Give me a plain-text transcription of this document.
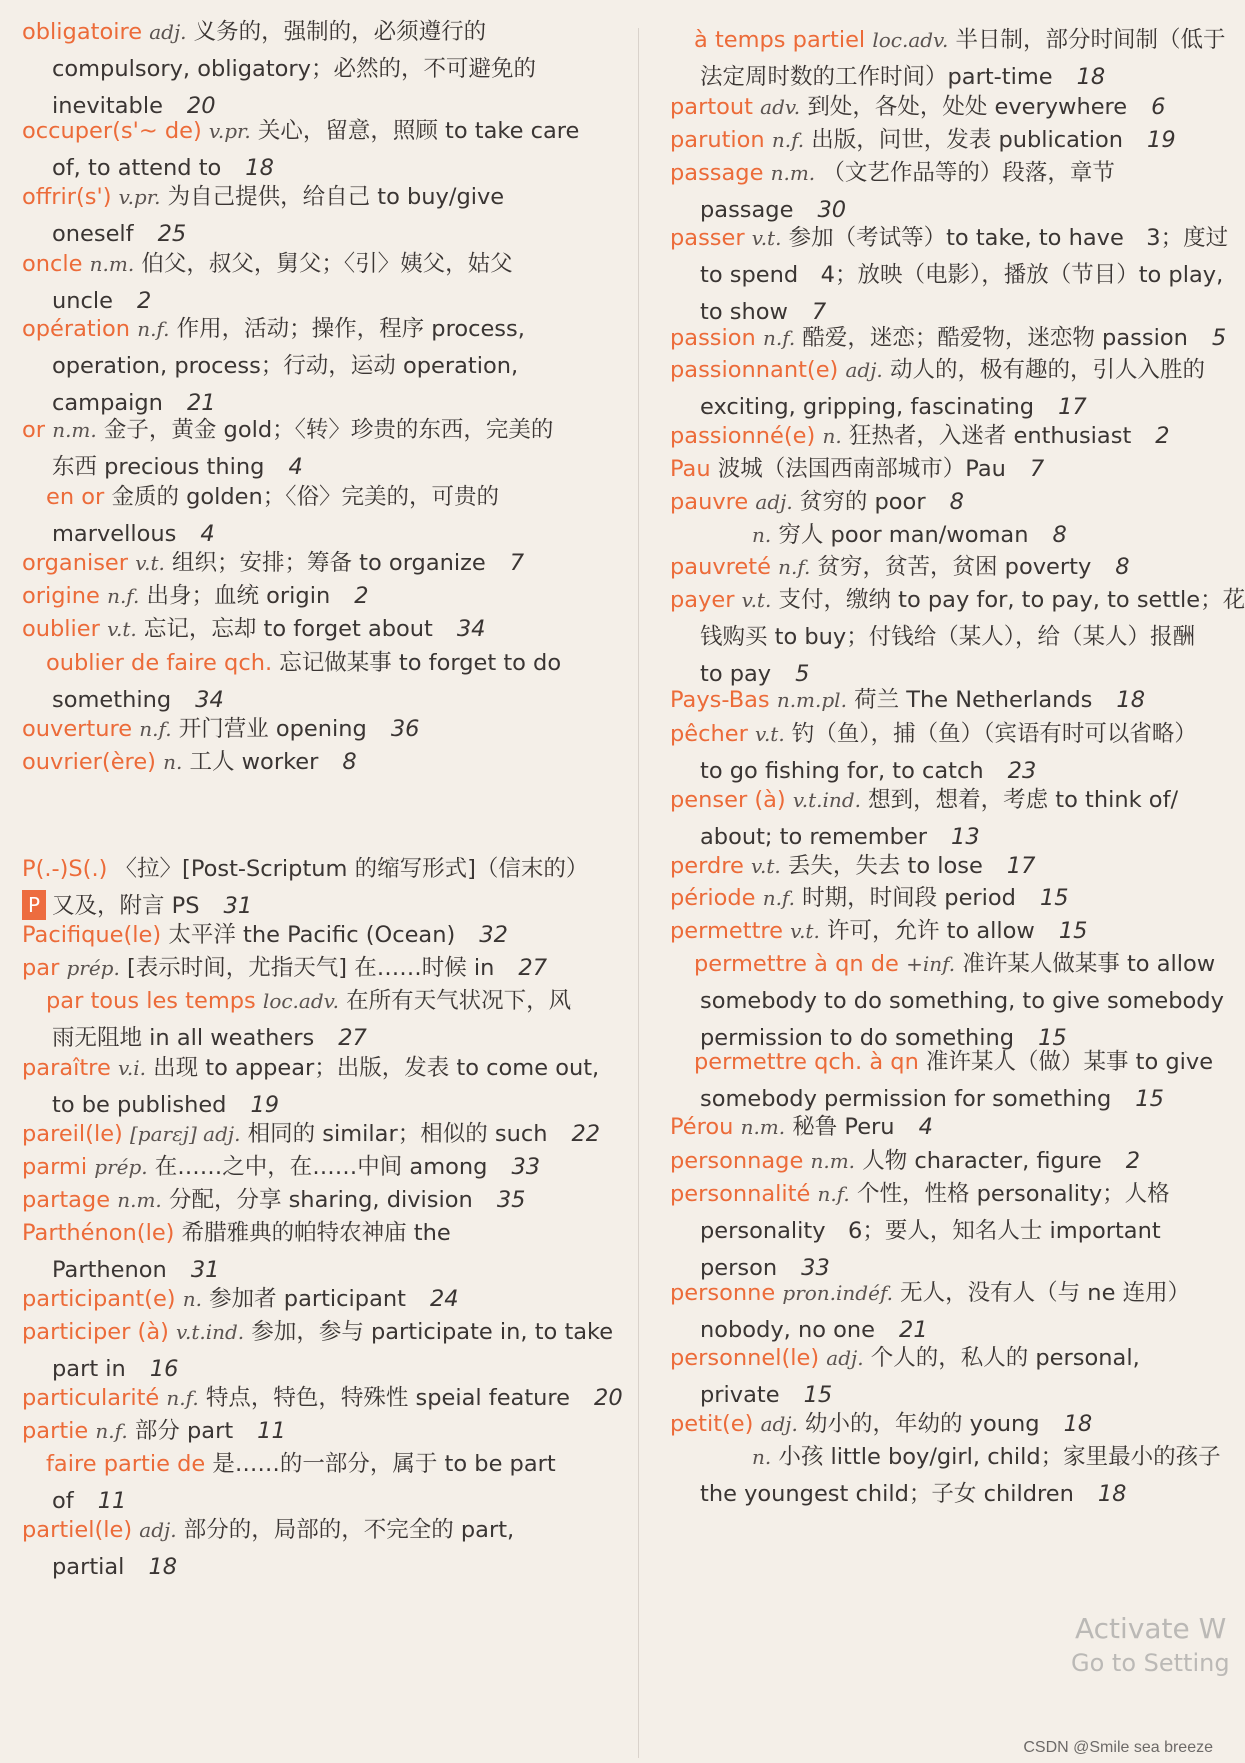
obligatoire adj. 义务的，强制的，必须遵行的
compulsory, obligatory；必然的，不可避免的
inevitable 20
occuper(s'~ de) v.pr. 关心，留意，照顾 to take care
of, to attend to 18
offrir(s') v.pr. 为自己提供，给自己 to buy/give
oneself 25
oncle n.m. 伯父，叔父，舅父；〈引〉姨父，姑父
uncle 2
opération n.f. 作用，活动；操作，程序 process,
operation, process；行动，运动 operation,
campaign 21
or n.m. 金子，黄金 gold；〈转〉珍贵的东西，完美的
东西 precious thing 4
en or 金质的 golden；〈俗〉完美的，可贵的
marvellous 4
organiser v.t. 组织；安排；筹备 to organize 7
origine n.f. 出身；血统 origin 2
oublier v.t. 忘记，忘却 to forget about 34
oublier de faire qch. 忘记做某事 to forget to do
something 34
ouverture n.f. 开门营业 opening 36
ouvrier(ère) n. 工人 worker 8
P(.-)S(.) 〈拉〉[Post-Scriptum 的缩写形式]（信末的）
又及，附言 PS 31
Pacifique(le) 太平洋 the Pacific (Ocean) 32
par prép. [表示时间，尤指天气] 在……时候 in 27
par tous les temps loc.adv. 在所有天气状况下，风
雨无阻地 in all weathers 27
paraître v.i. 出现 to appear；出版，发表 to come out,
to be published 19
pareil(le) [parɛj] adj. 相同的 similar；相似的 such 22
parmi prép. 在……之中，在……中间 among 33
partage n.m. 分配，分享 sharing, division 35
Parthénon(le) 希腊雅典的帕特农神庙 the
Parthenon 31
participant(e) n. 参加者 participant 24
participer (à) v.t.ind. 参加，参与 participate in, to take
part in 16
particularité n.f. 特点，特色，特殊性 speial feature 20
partie n.f. 部分 part 11
faire partie de 是……的一部分，属于 to be part
of 11
partiel(le) adj. 部分的，局部的，不完全的 part,
partial 18
P
à temps partiel loc.adv. 半日制，部分时间制（低于
法定周时数的工作时间）part-time 18
partout adv. 到处，各处，处处 everywhere 6
parution n.f. 出版，问世，发表 publication 19
passage n.m. （文艺作品等的）段落，章节
passage 30
passer v.t. 参加（考试等）to take, to have　3；度过
to spend　4；放映（电影），播放（节目）to play,
to show 7
passion n.f. 酷爱，迷恋；酷爱物，迷恋物 passion 5
passionnant(e) adj. 动人的，极有趣的，引人入胜的
exciting, gripping, fascinating 17
passionné(e) n. 狂热者，入迷者 enthusiast 2
Pau 波城（法国西南部城市）Pau 7
pauvre adj. 贫穷的 poor 8
n. 穷人 poor man/woman 8
pauvreté n.f. 贫穷，贫苦，贫困 poverty 8
payer v.t. 支付，缴纳 to pay for, to pay, to settle；花
钱购买 to buy；付钱给（某人），给（某人）报酬
to pay 5
Pays-Bas n.m.pl. 荷兰 The Netherlands 18
pêcher v.t. 钓（鱼），捕（鱼）（宾语有时可以省略）
to go fishing for, to catch 23
penser (à) v.t.ind. 想到，想着，考虑 to think of/
about; to remember 13
perdre v.t. 丢失，失去 to lose 17
période n.f. 时期，时间段 period 15
permettre v.t. 许可，允许 to allow 15
permettre à qn de +inf. 准许某人做某事 to allow
somebody to do something, to give somebody
permission to do something 15
permettre qch. à qn 准许某人（做）某事 to give
somebody permission for something 15
Pérou n.m. 秘鲁 Peru 4
personnage n.m. 人物 character, figure 2
personnalité n.f. 个性，性格 personality；人格
personality　6；要人，知名人士 important
person 33
personne pron.indéf. 无人，没有人（与 ne 连用）
nobody, no one 21
personnel(le) adj. 个人的，私人的 personal,
private 15
petit(e) adj. 幼小的，年幼的 young 18
n. 小孩 little boy/girl, child；家里最小的孩子
the youngest child；子女 children 18
Activate W
Go to Setting
CSDN @Smile sea breeze
